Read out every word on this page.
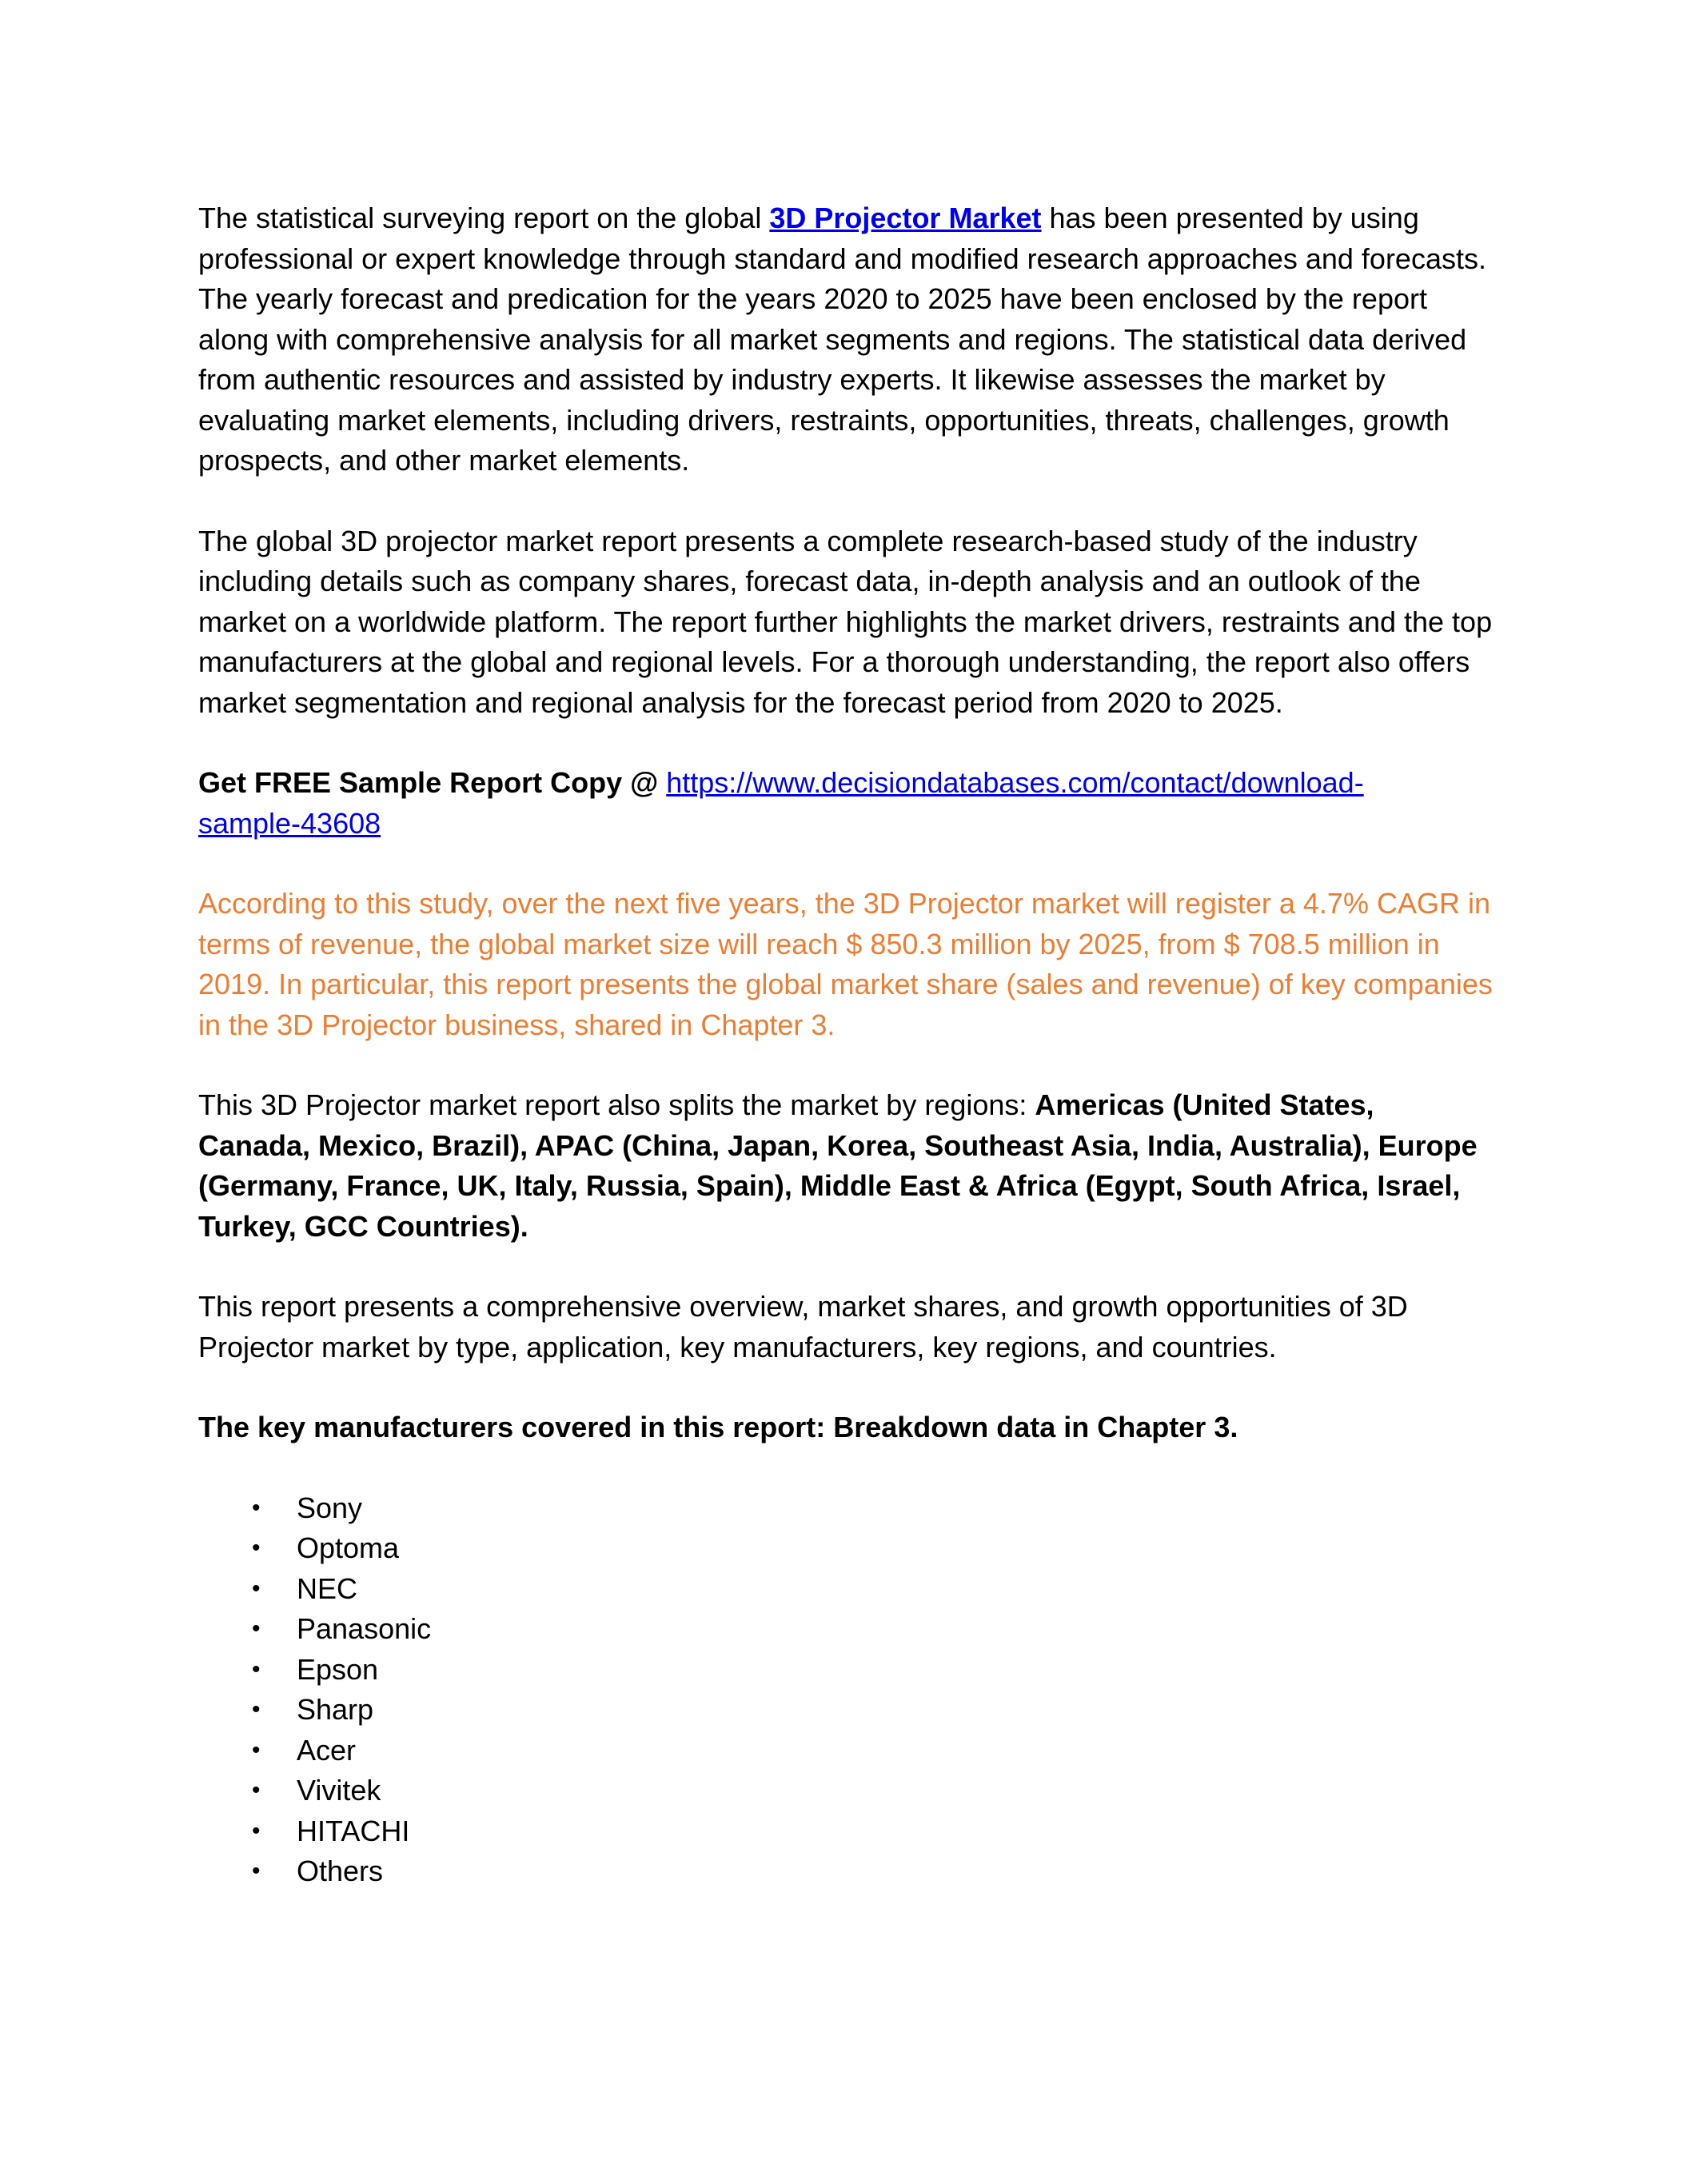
The statistical surveying report on the global 3D Projector Market has been presented by using professional or expert knowledge through standard and modified research approaches and forecasts. The yearly forecast and predication for the years 2020 to 2025 have been enclosed by the report along with comprehensive analysis for all market segments and regions. The statistical data derived from authentic resources and assisted by industry experts. It likewise assesses the market by evaluating market elements, including drivers, restraints, opportunities, threats, challenges, growth prospects, and other market elements.

The global 3D projector market report presents a complete research-based study of the industry including details such as company shares, forecast data, in-depth analysis and an outlook of the market on a worldwide platform. The report further highlights the market drivers, restraints and the top manufacturers at the global and regional levels. For a thorough understanding, the report also offers market segmentation and regional analysis for the forecast period from 2020 to 2025.

Get FREE Sample Report Copy @ https://www.decisiondatabases.com/contact/download-
sample-43608

According to this study, over the next five years, the 3D Projector market will register a 4.7% CAGR in terms of revenue, the global market size will reach $ 850.3 million by 2025, from $ 708.5 million in 2019. In particular, this report presents the global market share (sales and revenue) of key companies in the 3D Projector business, shared in Chapter 3.

This 3D Projector market report also splits the market by regions: Americas (United States, Canada, Mexico, Brazil), APAC (China, Japan, Korea, Southeast Asia, India, Australia), Europe (Germany, France, UK, Italy, Russia, Spain), Middle East & Africa (Egypt, South Africa, Israel, Turkey, GCC Countries).

This report presents a comprehensive overview, market shares, and growth opportunities of 3D Projector market by type, application, key manufacturers, key regions, and countries.

The key manufacturers covered in this report: Breakdown data in Chapter 3.

• Sony
• Optoma
• NEC
• Panasonic
• Epson
• Sharp
• Acer
• Vivitek
• HITACHI
• Others
